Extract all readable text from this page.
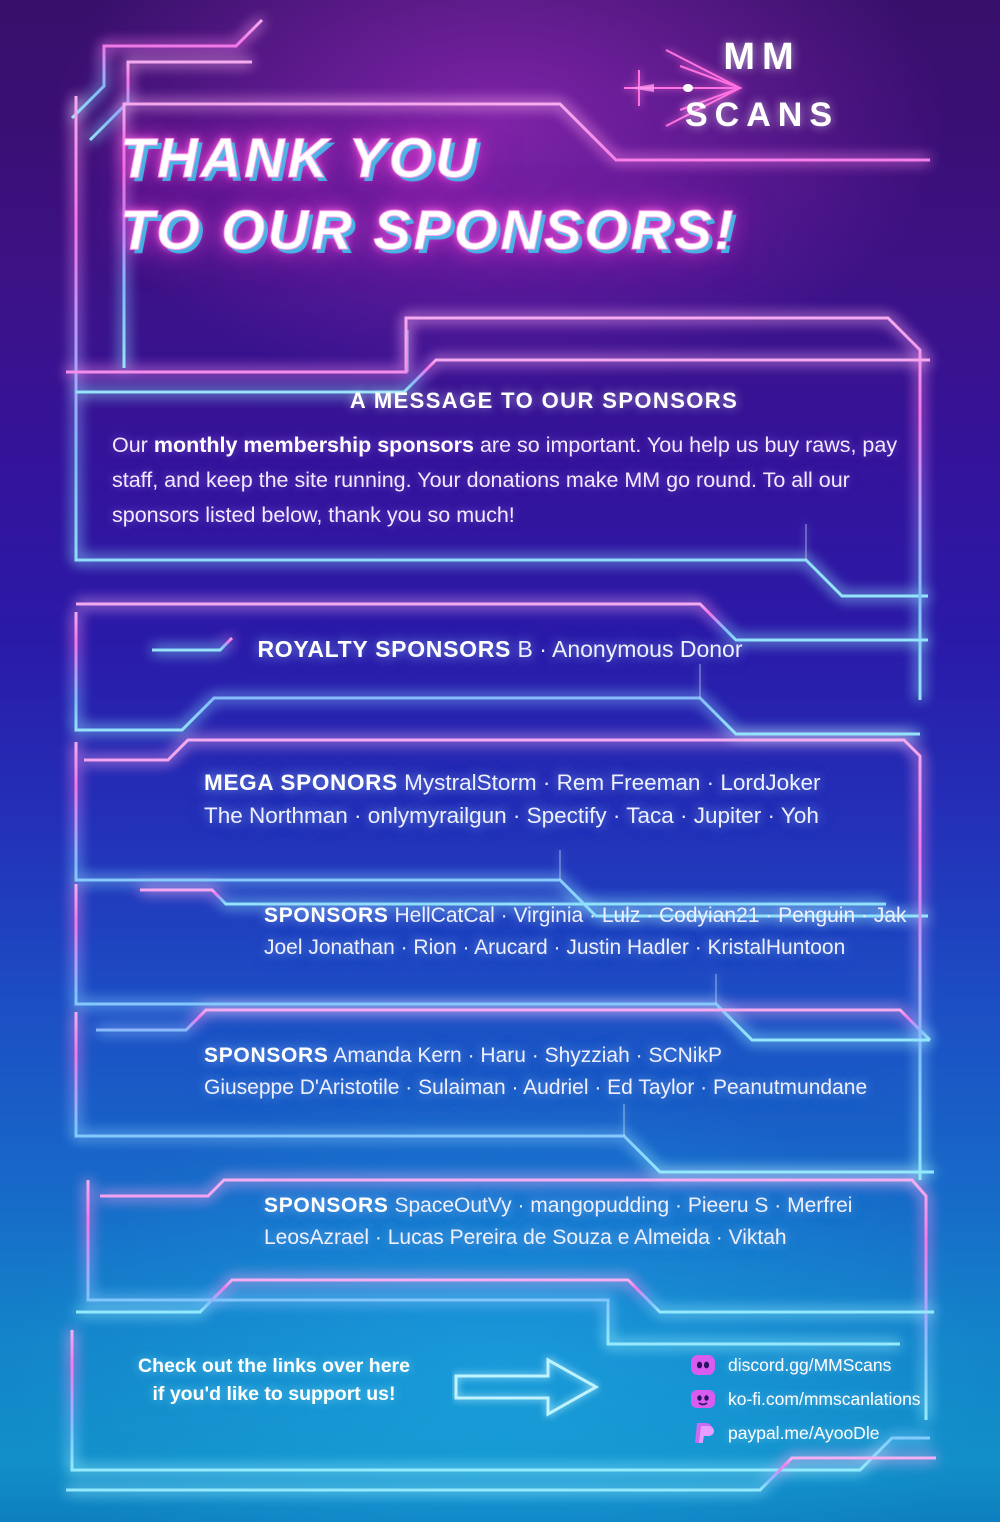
MM
SCANS
THANK YOU
TO OUR SPONSORS!
A MESSAGE TO OUR SPONSORS
Our monthly membership sponsors are so important. You help us buy raws, pay staff, and keep the site running. Your donations make MM go round. To all our sponsors listed below, thank you so much!
ROYALTY SPONSORS B · Anonymous Donor
MEGA SPONORS MystralStorm · Rem Freeman · LordJoker
The Northman · onlymyrailgun · Spectify · Taca · Jupiter · Yoh
SPONSORS HellCatCal · Virginia · Lulz · Codyian21 · Penguin · Jak
Joel Jonathan · Rion · Arucard · Justin Hadler · KristalHuntoon
SPONSORS Amanda Kern · Haru · Shyzziah · SCNikP
Giuseppe D'Aristotile · Sulaiman · Audriel · Ed Taylor · Peanutmundane
SPONSORS SpaceOutVy · mangopudding · Pieeru S · Merfrei
LeosAzrael · Lucas Pereira de Souza e Almeida · Viktah
Check out the links over here
if you'd like to support us!
discord.gg/MMScans
ko-fi.com/mmscanlations
paypal.me/AyooDle
